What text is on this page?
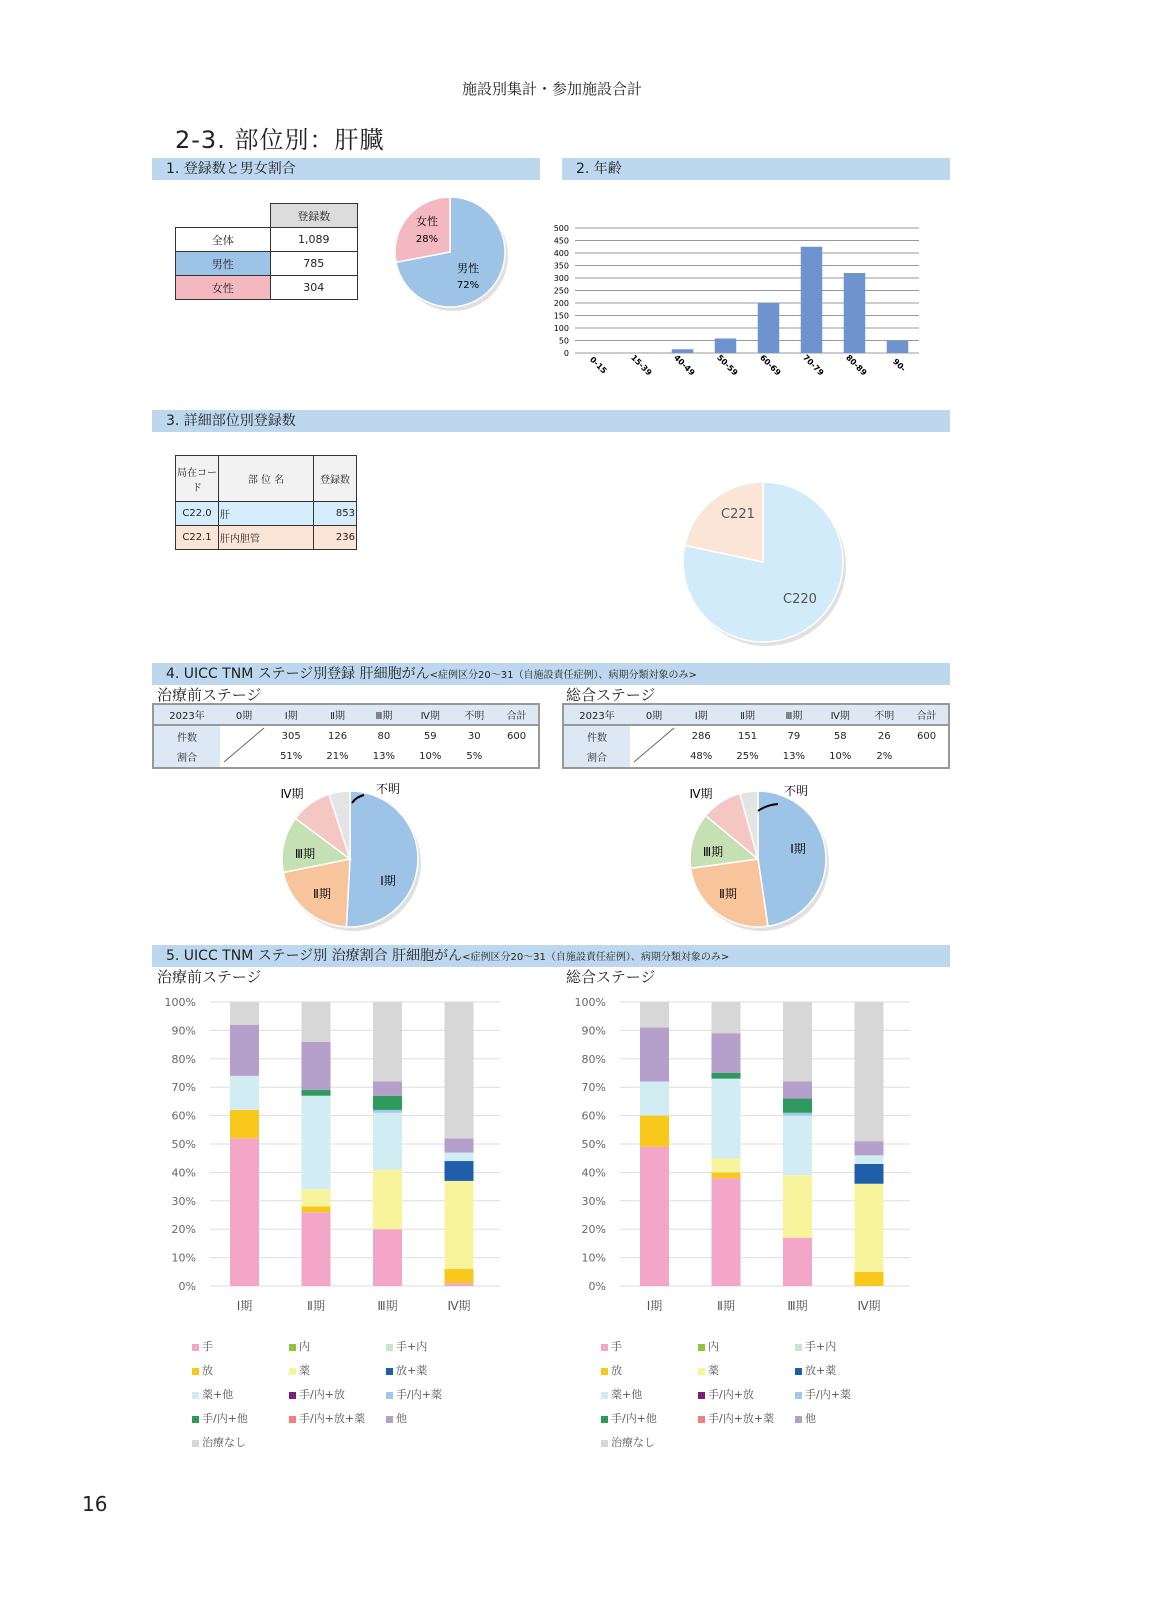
施設別集計・参加施設合計
2-3. 部位別：肝臓
1. 登録数と男女割合
	登録数
全体	1,089
男性	785
女性	304
女性
28%
男性
72%
2. 年齢
0
50
100
150
200
250
300
350
400
450
500
0-15	15-39 40-49 50-59 60-69 70-79 80-89	90-
3. 詳細部位別登録数
局在コード	部 位 名	登録数
C22.0	肝	853
C22.1	肝内胆管	236
C221
C220
4. UICC TNM ステージ別登録 肝細胞がん<症例区分20～31（自施設責任症例）、病期分類対象のみ>
治療前ステージ	総合ステージ
2023年	0期	Ⅰ期	Ⅱ期	Ⅲ期	Ⅳ期	不明	合計
件数		305	126	80	59	30	600
割合		51%	21%	13%	10%	5%	
2023年	0期	Ⅰ期	Ⅱ期	Ⅲ期	Ⅳ期	不明	合計
件数		286	151	79	58	26	600
割合		48%	25%	13%	10%	2%	
Ⅰ期
Ⅱ期
Ⅲ期
Ⅳ期	不明
Ⅰ期
Ⅱ期
Ⅲ期
Ⅳ期	不明
5. UICC TNM ステージ別 治療割合 肝細胞がん<症例区分20～31（自施設責任症例）、病期分類対象のみ>
治療前ステージ	総合ステージ
0%
10%
20%
30%
40%
50%
60%
70%
80%
90%
100%
Ⅰ期	Ⅱ期	Ⅲ期	Ⅳ期
0%
10%
20%
30%
40%
50%
60%
70%
80%
90%
100%
Ⅰ期	Ⅱ期	Ⅲ期	Ⅳ期
手	内	手+内
放	薬	放+薬
薬+他	手/内+放	手/内+薬
手/内+他	手/内+放+薬	他
治療なし
手	内	手+内
放	薬	放+薬
薬+他	手/内+放	手/内+薬
手/内+他	手/内+放+薬	他
治療なし
16
